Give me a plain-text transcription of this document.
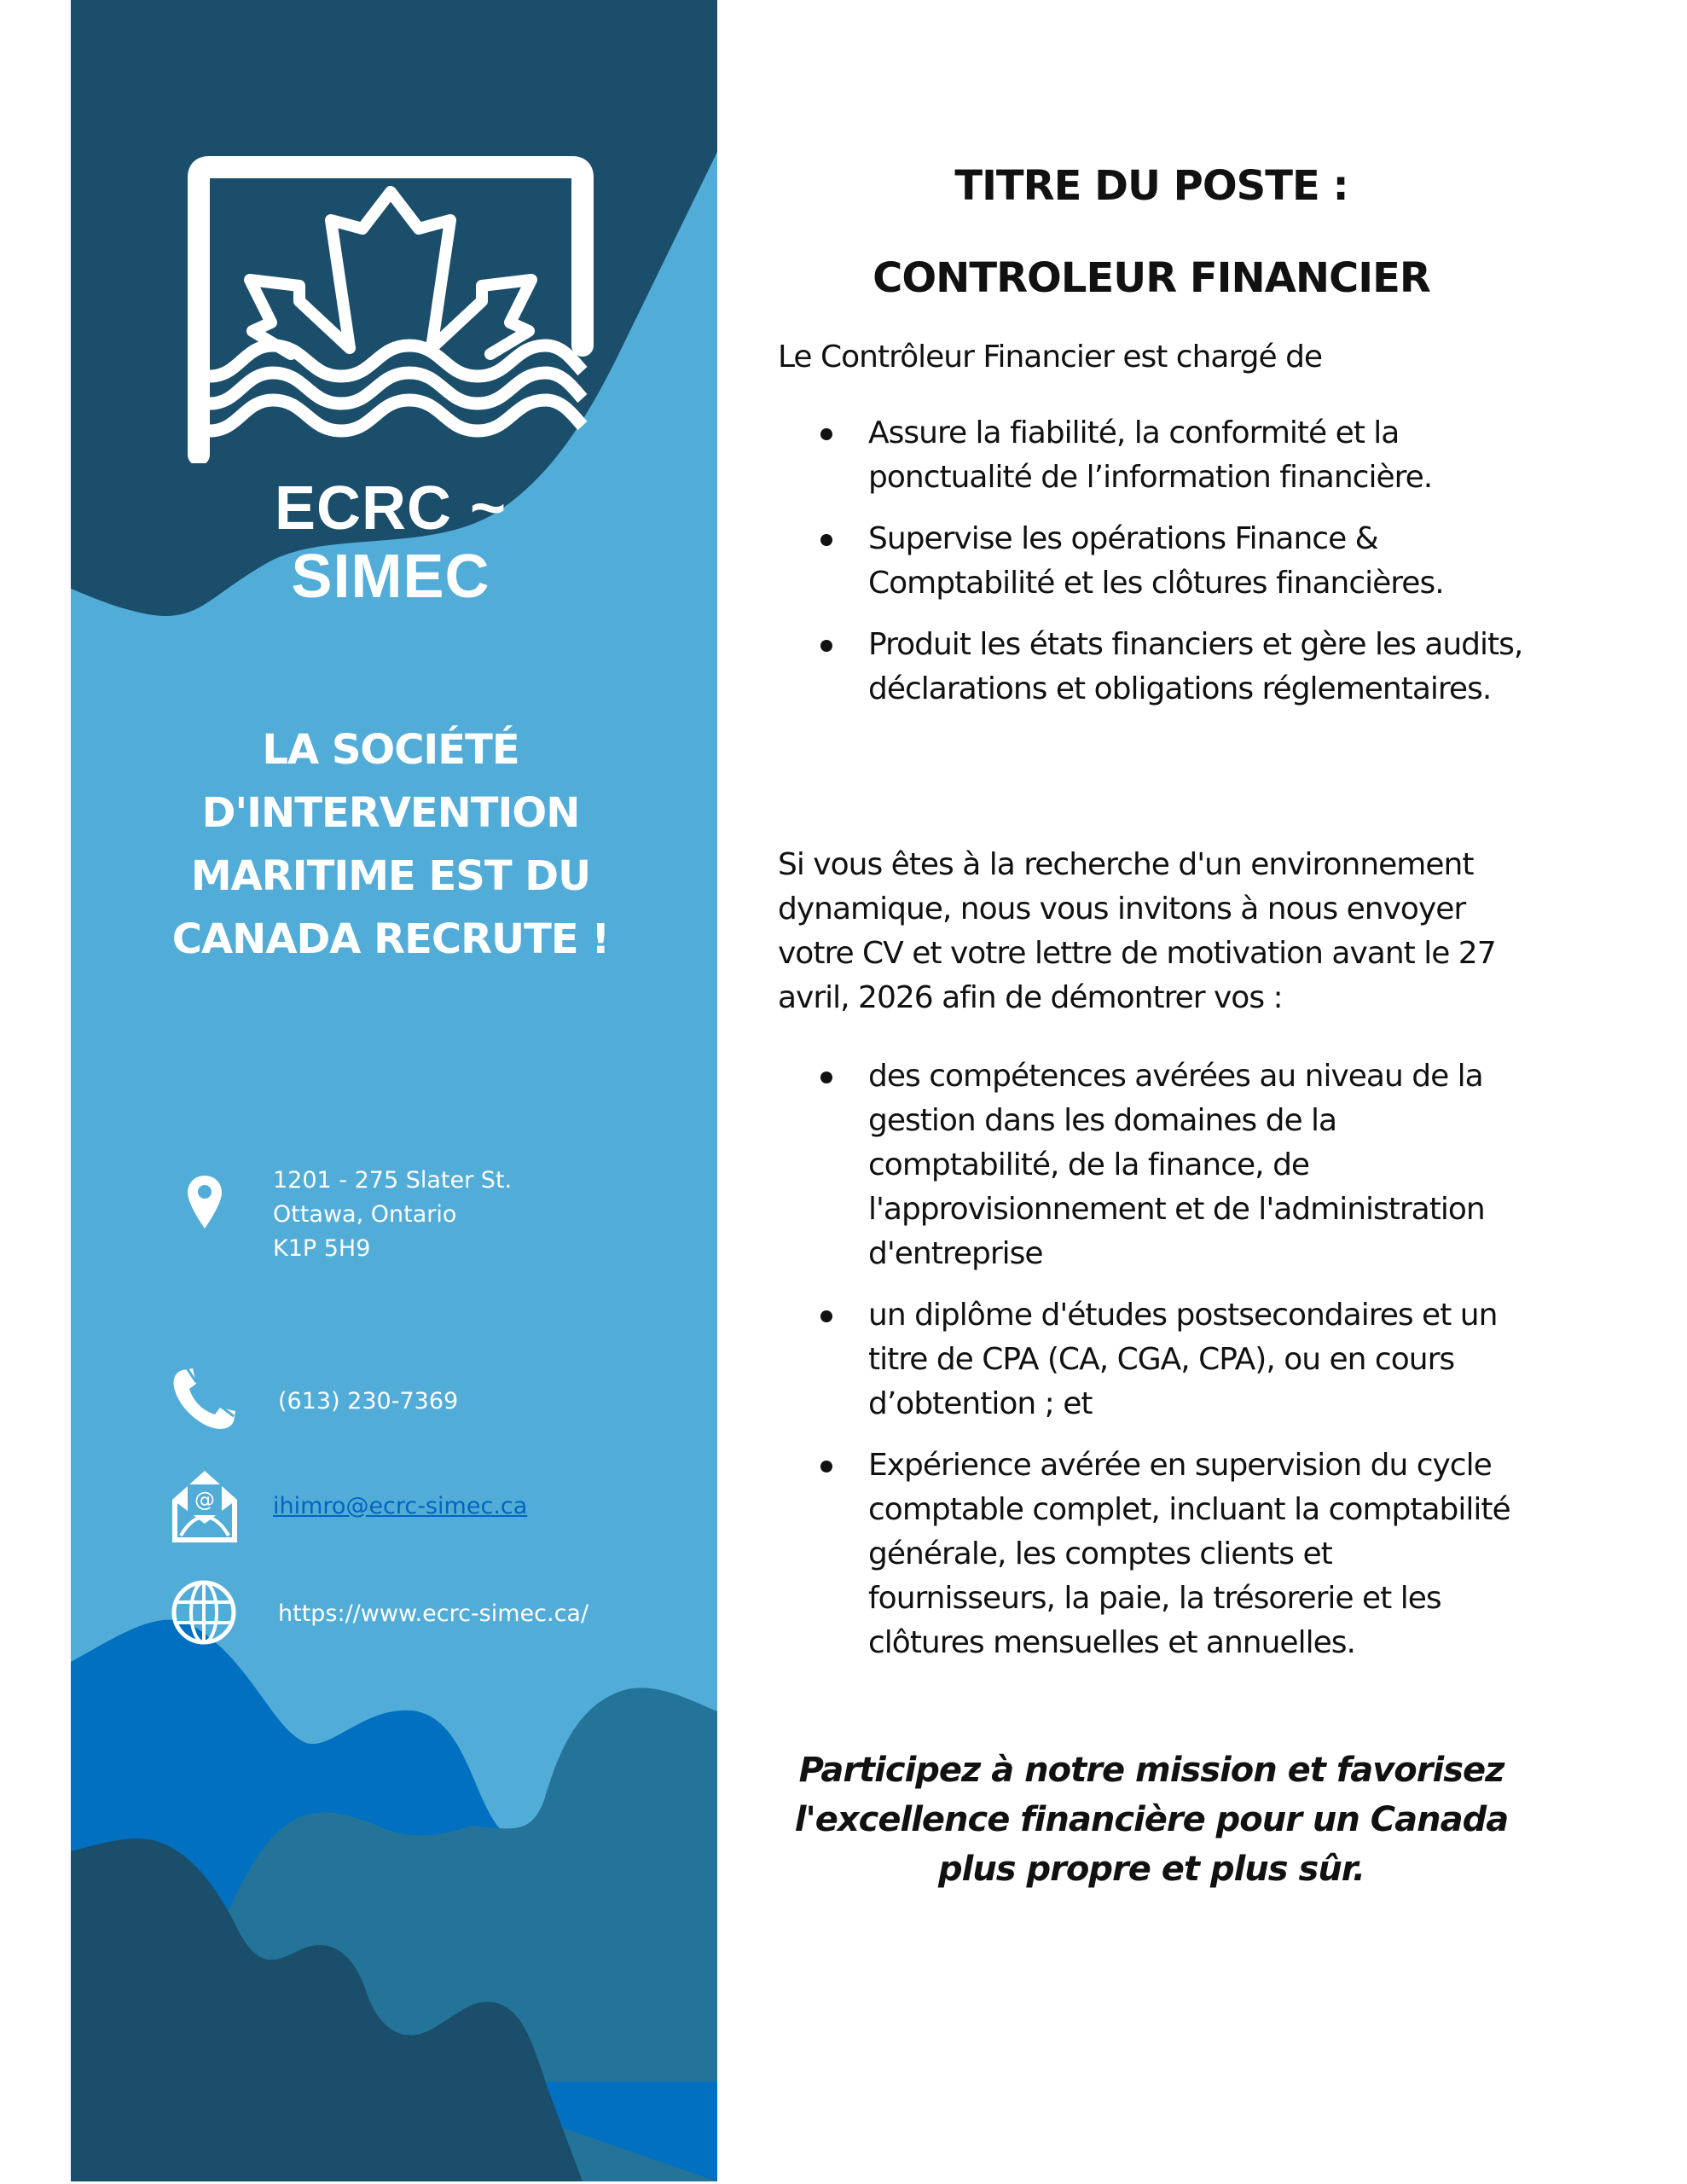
ECRC ~ SIMEC
LA SOCIÉTÉ
D'INTERVENTION
MARITIME EST DU
CANADA RECRUTE !
1201 - 275 Slater St.
Ottawa, Ontario
K1P 5H9
(613) 230-7369
@	ihimro@ecrc-simec.ca
https://www.ecrc-simec.ca/
TITRE DU POSTE :
CONTROLEUR FINANCIER
Le Contrôleur Financier est chargé de
Assure la fiabilité, la conformité et la ponctualité de l’information financière.
Supervise les opérations Finance & Comptabilité et les clôtures financières.
Produit les états financiers et gère les audits, déclarations et obligations réglementaires.
Si vous êtes à la recherche d'un environnement dynamique, nous vous invitons à nous envoyer votre CV et votre lettre de motivation avant le 27 avril, 2026 afin de démontrer vos :
des compétences avérées au niveau de la gestion dans les domaines de la comptabilité, de la finance, de l'approvisionnement et de l'administration d'entreprise
un diplôme d'études postsecondaires et un titre de CPA (CA, CGA, CPA), ou en cours d’obtention ; et
Expérience avérée en supervision du cycle comptable complet, incluant la comptabilité générale, les comptes clients et fournisseurs, la paie, la trésorerie et les clôtures mensuelles et annuelles.
Participez à notre mission et favorisez l'excellence financière pour un Canada plus propre et plus sûr.
